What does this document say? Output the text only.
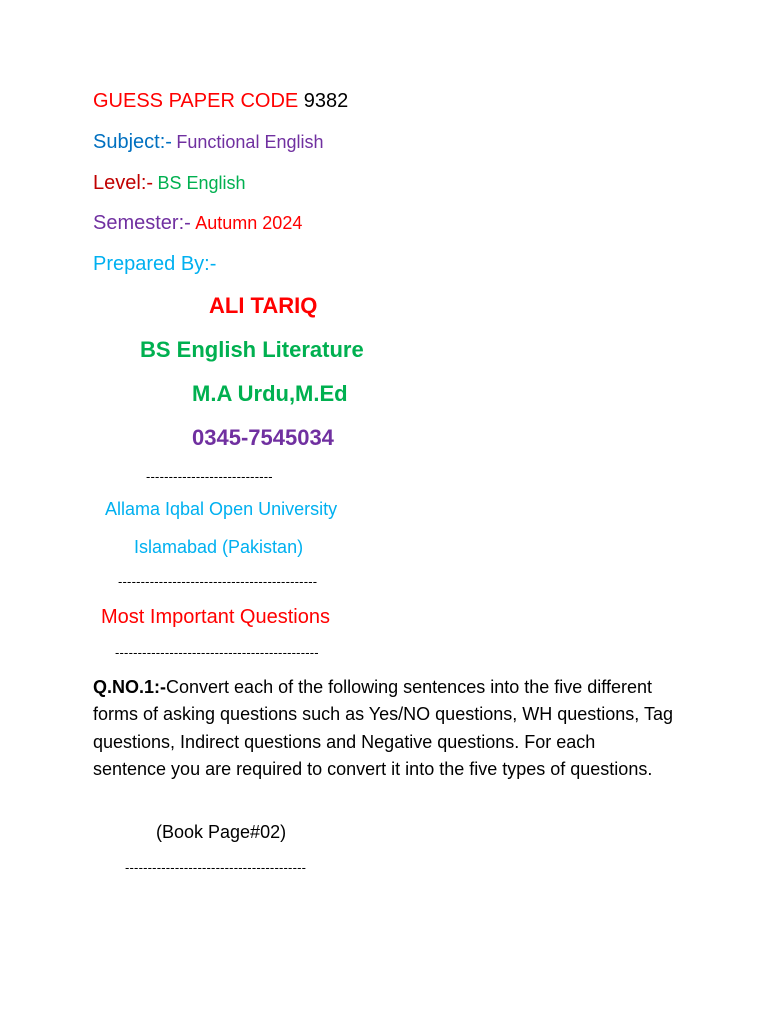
GUESS PAPER CODE 9382
Subject:- Functional English
Level:- BS English
Semester:- Autumn 2024
Prepared By:-
ALI TARIQ
BS English Literature
M.A Urdu,M.Ed
0345-7545034
----------------------------
Allama Iqbal Open University
Islamabad (Pakistan)
--------------------------------------------
Most Important Questions
---------------------------------------------
Q.NO.1:-Convert each of the following sentences into the five different forms of asking questions such as Yes/NO questions, WH questions, Tag questions, Indirect questions and Negative questions. For each sentence you are required to convert it into the five types of questions.
(Book Page#02)
----------------------------------------
